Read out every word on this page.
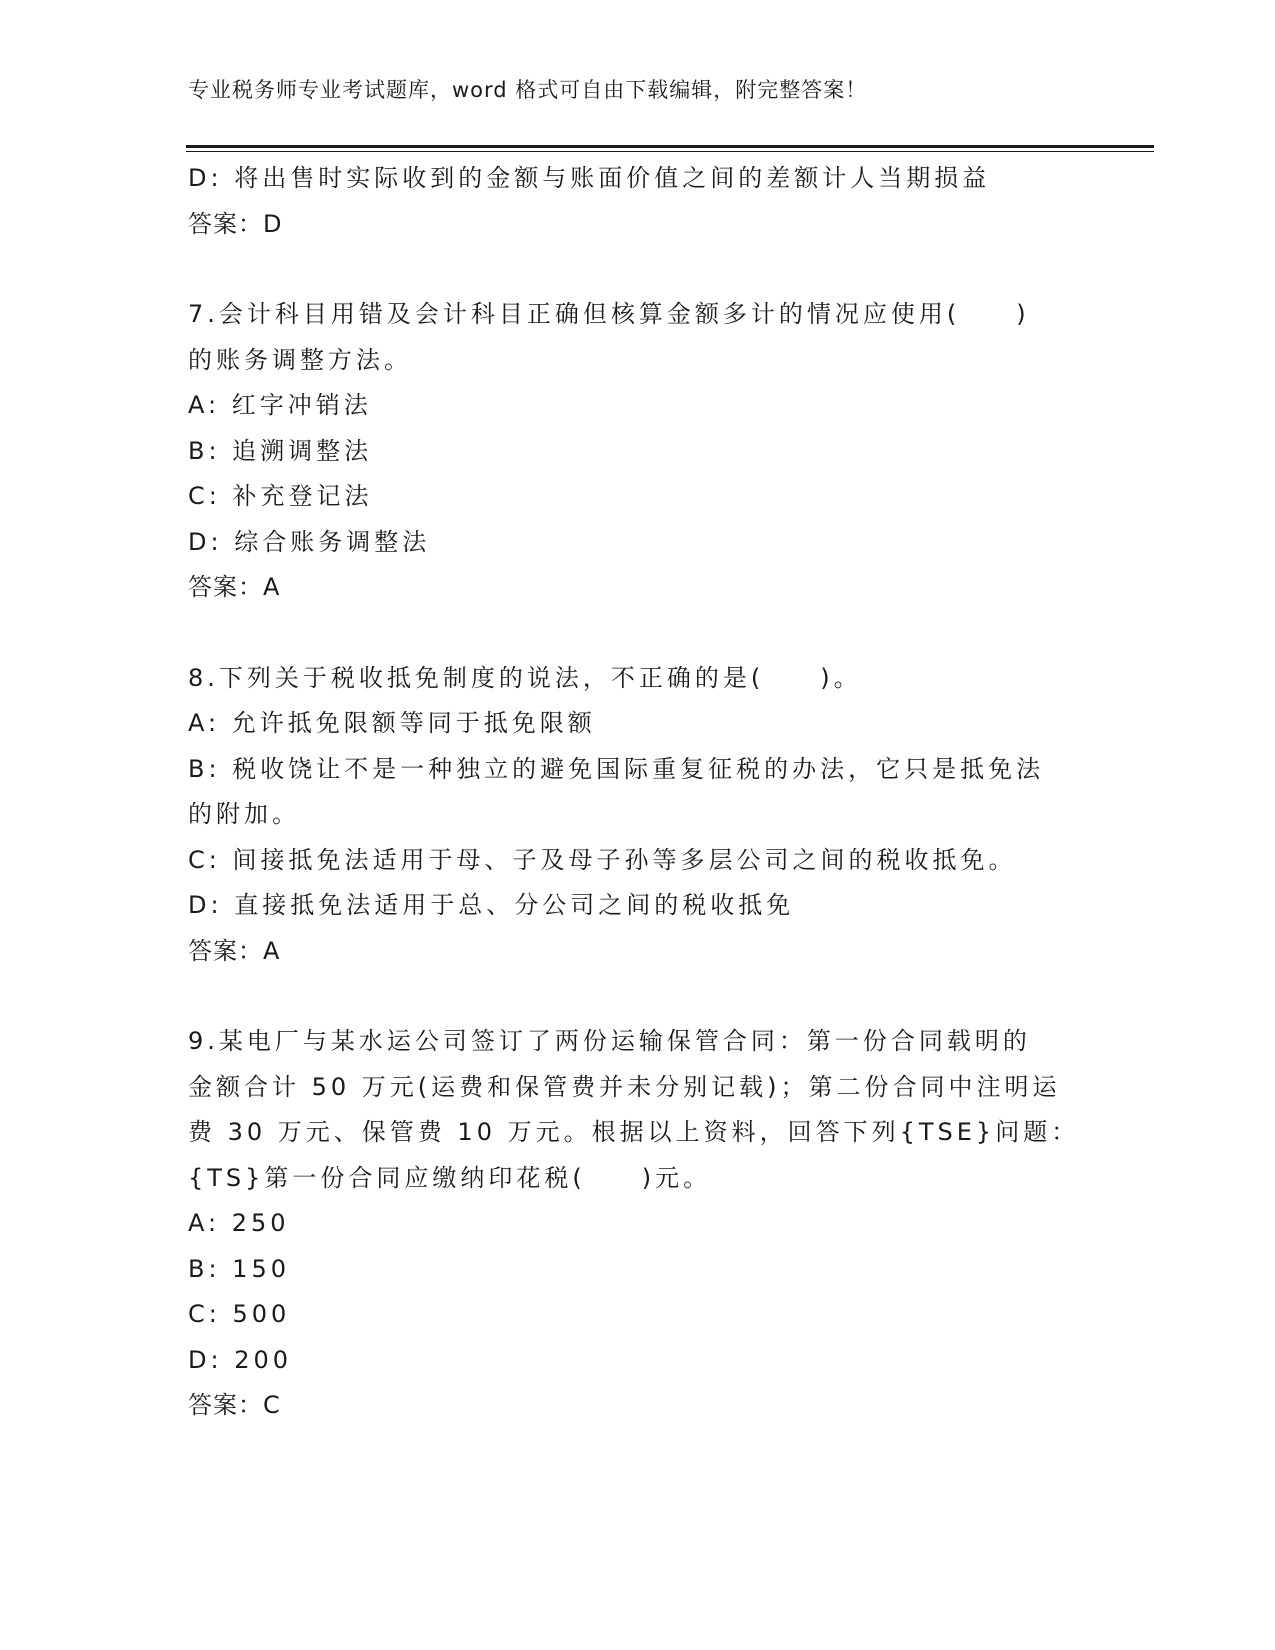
专业税务师专业考试题库，word 格式可自由下载编辑，附完整答案！
D: 将出售时实际收到的金额与账面价值之间的差额计人当期损益
答案：D
7.会计科目用错及会计科目正确但核算金额多计的情况应使用(　　)
的账务调整方法。
A: 红字冲销法
B: 追溯调整法
C: 补充登记法
D: 综合账务调整法
答案：A
8.下列关于税收抵免制度的说法，不正确的是(　　)。
A: 允许抵免限额等同于抵免限额
B: 税收饶让不是一种独立的避免国际重复征税的办法，它只是抵免法
的附加。
C: 间接抵免法适用于母、子及母子孙等多层公司之间的税收抵免。
D: 直接抵免法适用于总、分公司之间的税收抵免
答案：A
9.某电厂与某水运公司签订了两份运输保管合同：第一份合同载明的
金额合计 50 万元(运费和保管费并未分别记载)；第二份合同中注明运
费 30 万元、保管费 10 万元。根据以上资料，回答下列{TSE}问题：
{TS}第一份合同应缴纳印花税(　　)元。
A: 250
B: 150
C: 500
D: 200
答案：C
